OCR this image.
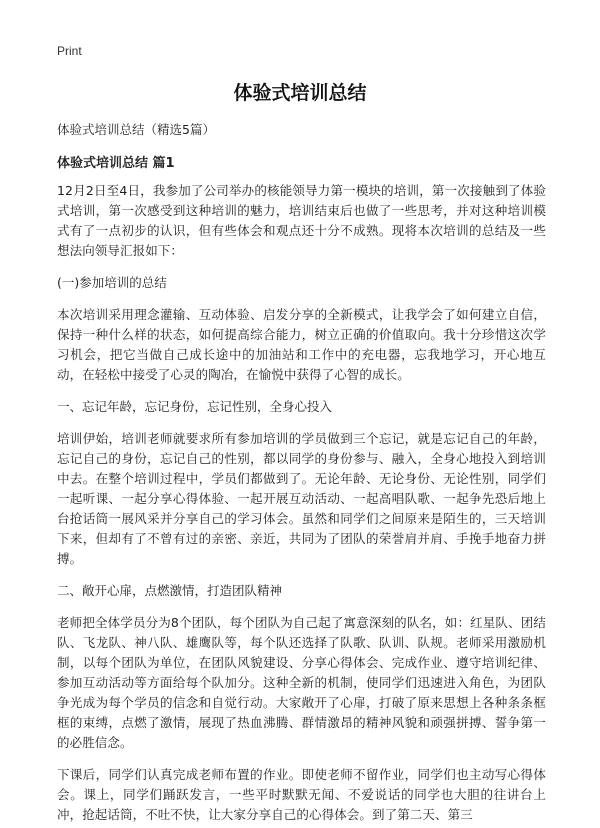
Print
体验式培训总结

体验式培训总结（精选5篇）

体验式培训总结 篇1

12月2日至4日，我参加了公司举办的核能领导力第一模块的培训，第一次接触到了体验式培训，第一次感受到这种培训的魅力，培训结束后也做了一些思考，并对这种培训模式有了一点初步的认识，但有些体会和观点还十分不成熟。现将本次培训的总结及一些想法向领导汇报如下：

(一)参加培训的总结

本次培训采用理念灌输、互动体验、启发分享的全新模式，让我学会了如何建立自信，保持一种什么样的状态，如何提高综合能力，树立正确的价值取向。我十分珍惜这次学习机会，把它当做自己成长途中的加油站和工作中的充电器，忘我地学习，开心地互动，在轻松中接受了心灵的陶冶，在愉悦中获得了心智的成长。

一、忘记年龄，忘记身份，忘记性别，全身心投入

培训伊始，培训老师就要求所有参加培训的学员做到三个忘记，就是忘记自己的年龄，忘记自己的身份，忘记自己的性别，都以同学的身份参与、融入，全身心地投入到培训中去。在整个培训过程中，学员们都做到了。无论年龄、无论身份、无论性别，同学们一起听课、一起分享心得体验、一起开展互动活动、一起高唱队歌、一起争先恐后地上台抢话筒一展风采并分享自己的学习体会。虽然和同学们之间原来是陌生的，三天培训下来，但却有了不曾有过的亲密、亲近，共同为了团队的荣誉肩并肩、手挽手地奋力拼搏。

二、敞开心扉，点燃激情，打造团队精神

老师把全体学员分为8个团队，每个团队为自己起了寓意深刻的队名，如：红星队、团结队、飞龙队、神八队、雄鹰队等，每个队还选择了队歌、队训、队规。老师采用激励机制，以每个团队为单位，在团队风貌建设、分享心得体会、完成作业、遵守培训纪律、参加互动活动等方面给每个队加分。这种全新的机制，使同学们迅速进入角色，为团队争光成为每个学员的信念和自觉行动。大家敞开了心扉，打破了原来思想上各种条条框框的束缚，点燃了激情，展现了热血沸腾、群情激昂的精神风貌和顽强拼搏、誓争第一的必胜信念。

下课后，同学们认真完成老师布置的作业。即使老师不留作业，同学们也主动写心得体会。课上，同学们踊跃发言，一些平时默默无闻、不爱说话的同学也大胆的往讲台上冲，抢起话筒，不吐不快，让大家分享自己的心得体会。到了第二天、第三
